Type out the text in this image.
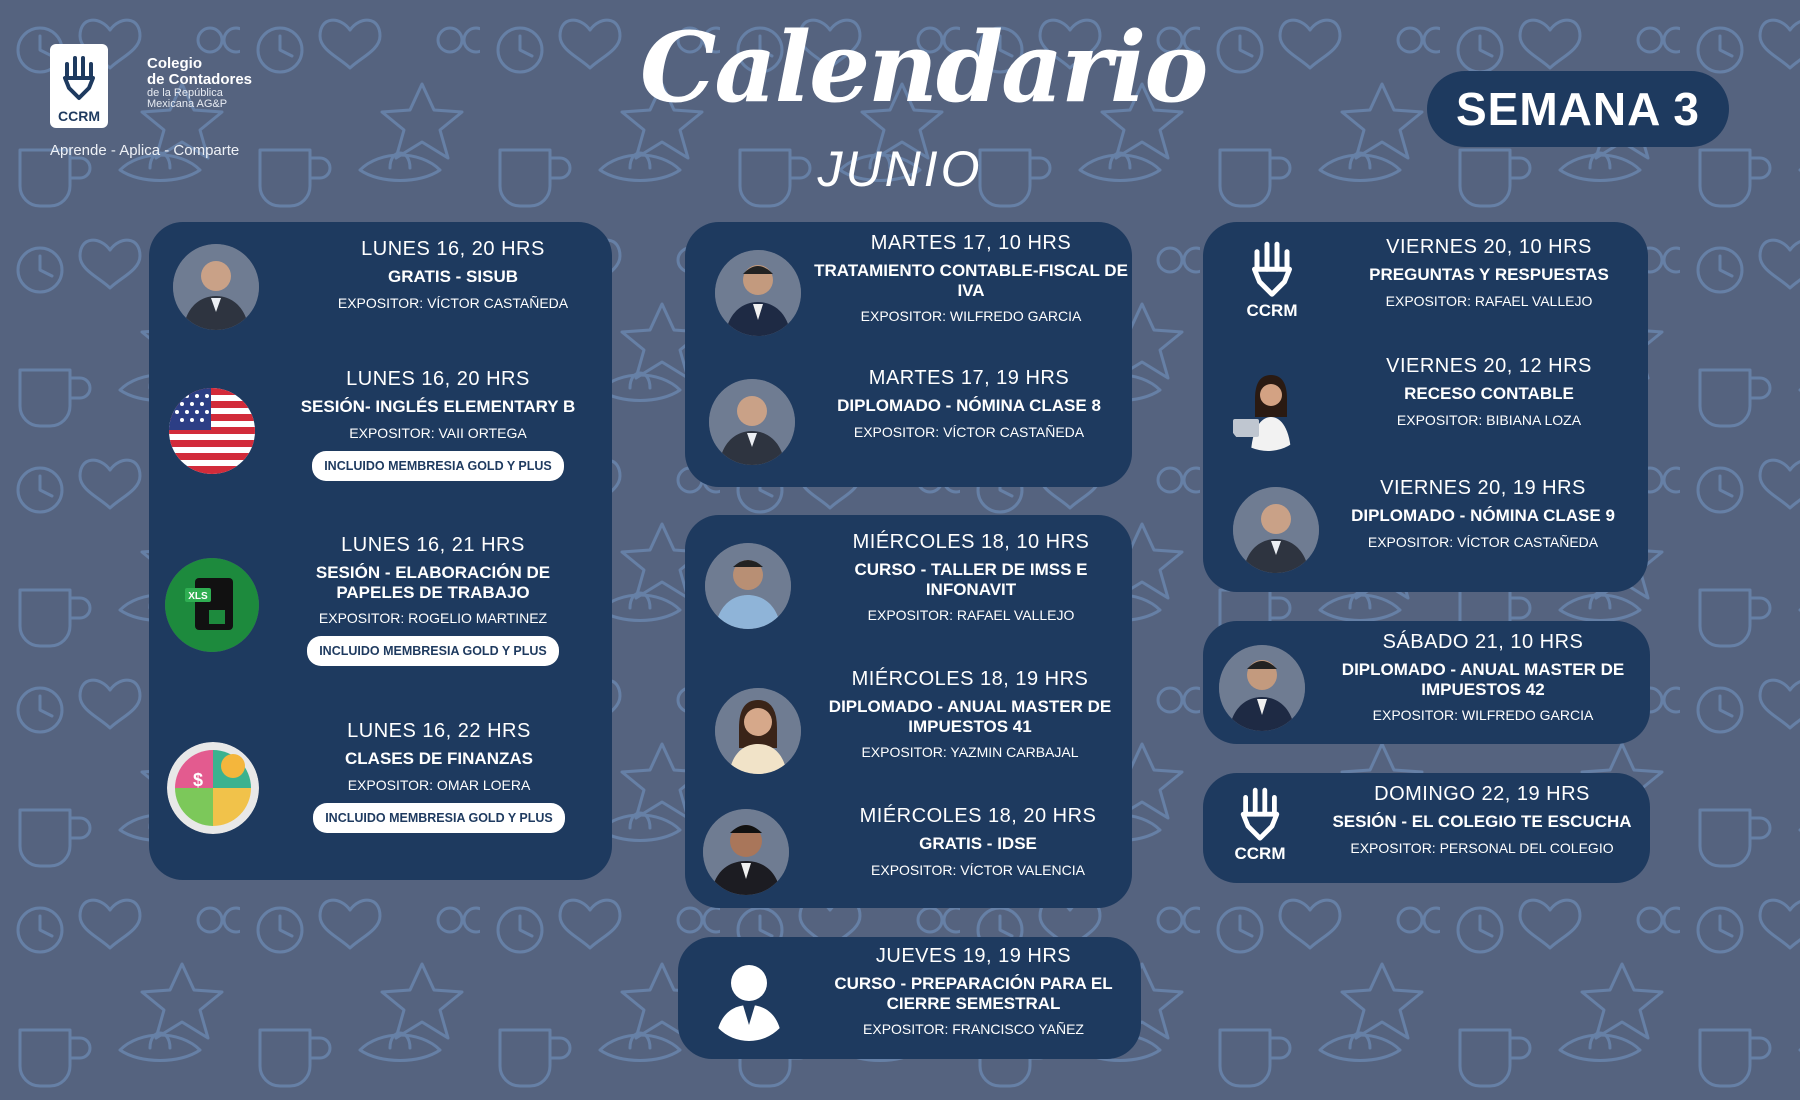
CCRM
Colegio
de Contadores
de la República
Mexicana AG&P
Aprende - Aplica - Comparte
Calendario
JUNIO
SEMANA 3
LUNES 16, 20 HRS
GRATIS - SISUB
EXPOSITOR: VÍCTOR CASTAÑEDA
LUNES 16, 20 HRS
SESIÓN- INGLÉS ELEMENTARY B
EXPOSITOR: VAII ORTEGA
INCLUIDO MEMBRESIA GOLD Y PLUS
XLS
LUNES 16, 21 HRS
SESIÓN - ELABORACIÓN DE PAPELES DE TRABAJO
EXPOSITOR: ROGELIO MARTINEZ
INCLUIDO MEMBRESIA GOLD Y PLUS
$
LUNES 16, 22 HRS
CLASES DE FINANZAS
EXPOSITOR: OMAR LOERA
INCLUIDO MEMBRESIA GOLD Y PLUS
MARTES 17, 10 HRS
TRATAMIENTO CONTABLE-FISCAL DE IVA
EXPOSITOR: WILFREDO GARCIA
MARTES 17, 19 HRS
DIPLOMADO - NÓMINA CLASE 8
EXPOSITOR: VÍCTOR CASTAÑEDA
MIÉRCOLES 18, 10 HRS
CURSO - TALLER DE IMSS E INFONAVIT
EXPOSITOR: RAFAEL VALLEJO
MIÉRCOLES 18, 19 HRS
DIPLOMADO - ANUAL MASTER DE IMPUESTOS 41
EXPOSITOR: YAZMIN CARBAJAL
MIÉRCOLES 18, 20 HRS
GRATIS - IDSE
EXPOSITOR: VÍCTOR VALENCIA
JUEVES 19, 19 HRS
CURSO - PREPARACIÓN PARA EL CIERRE SEMESTRAL
EXPOSITOR: FRANCISCO YAÑEZ
CCRM
VIERNES 20, 10 HRS
PREGUNTAS Y RESPUESTAS
EXPOSITOR: RAFAEL VALLEJO
VIERNES 20, 12 HRS
RECESO CONTABLE
EXPOSITOR: BIBIANA LOZA
VIERNES 20, 19 HRS
DIPLOMADO - NÓMINA CLASE 9
EXPOSITOR: VÍCTOR CASTAÑEDA
SÁBADO 21, 10 HRS
DIPLOMADO - ANUAL MASTER DE IMPUESTOS 42
EXPOSITOR: WILFREDO GARCIA
CCRM
DOMINGO 22, 19 HRS
SESIÓN - EL COLEGIO TE ESCUCHA
EXPOSITOR: PERSONAL DEL COLEGIO
